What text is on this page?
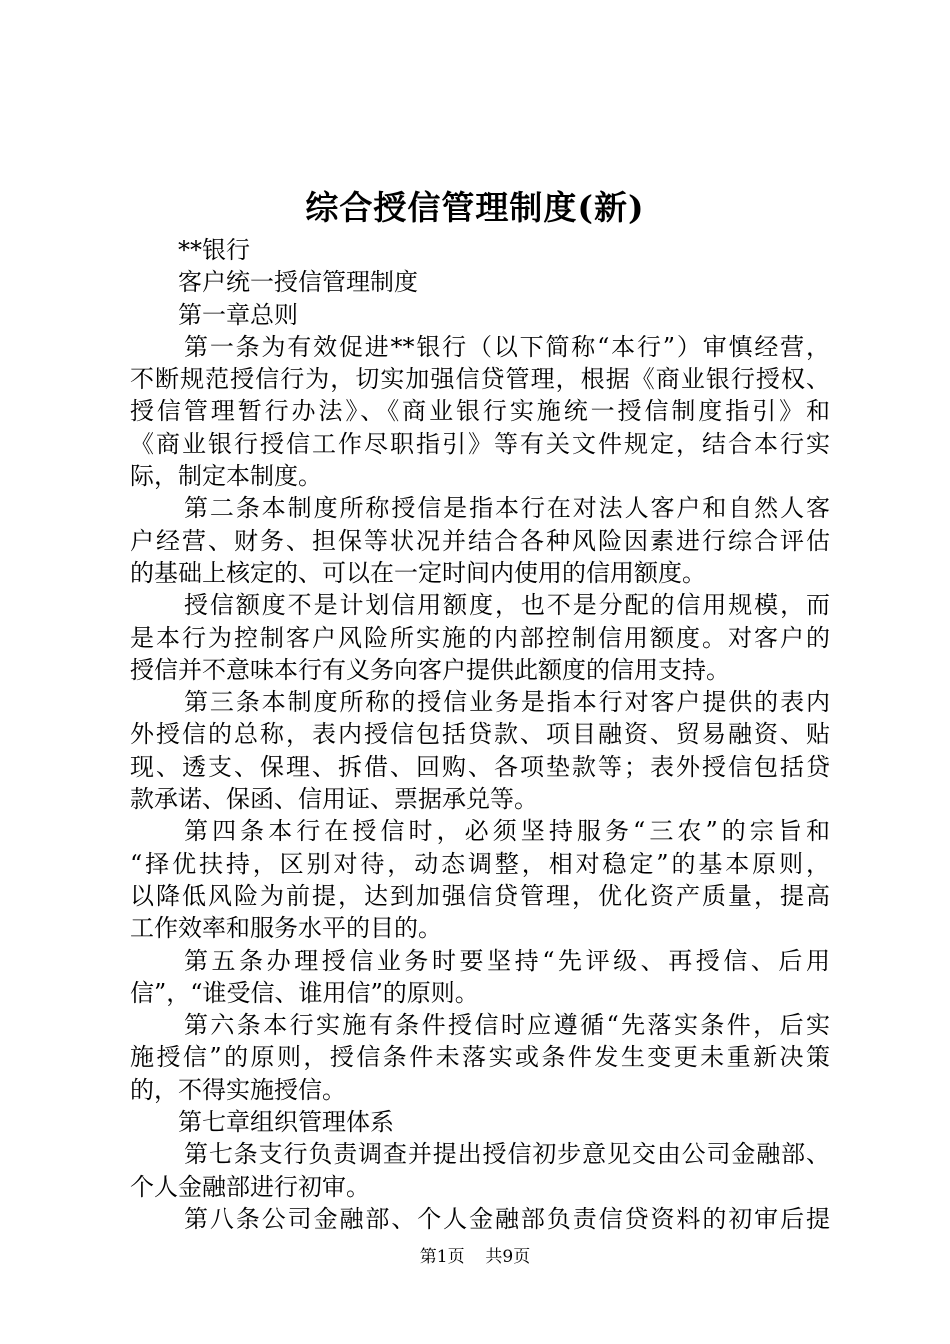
综合授信管理制度(新)
**银行
客户统一授信管理制度
第一章总则
第一条为有效促进**银行（以下简称“本行”）审慎经营，
不断规范授信行为，切实加强信贷管理，根据《商业银行授权、
授信管理暂行办法》、《商业银行实施统一授信制度指引》和
《商业银行授信工作尽职指引》等有关文件规定，结合本行实
际，制定本制度。
第二条本制度所称授信是指本行在对法人客户和自然人客
户经营、财务、担保等状况并结合各种风险因素进行综合评估
的基础上核定的、可以在一定时间内使用的信用额度。
授信额度不是计划信用额度，也不是分配的信用规模，而
是本行为控制客户风险所实施的内部控制信用额度。对客户的
授信并不意味本行有义务向客户提供此额度的信用支持。
第三条本制度所称的授信业务是指本行对客户提供的表内
外授信的总称，表内授信包括贷款、项目融资、贸易融资、贴
现、透支、保理、拆借、回购、各项垫款等；表外授信包括贷
款承诺、保函、信用证、票据承兑等。
第四条本行在授信时，必须坚持服务“三农”的宗旨和
“择优扶持，区别对待，动态调整，相对稳定”的基本原则，
以降低风险为前提，达到加强信贷管理，优化资产质量，提高
工作效率和服务水平的目的。
第五条办理授信业务时要坚持“先评级、再授信、后用
信”，“谁受信、谁用信”的原则。
第六条本行实施有条件授信时应遵循“先落实条件，后实
施授信”的原则，授信条件未落实或条件发生变更未重新决策
的，不得实施授信。
第七章组织管理体系
第七条支行负责调查并提出授信初步意见交由公司金融部、
个人金融部进行初审。
第八条公司金融部、个人金融部负责信贷资料的初审后提
第1页 共9页
